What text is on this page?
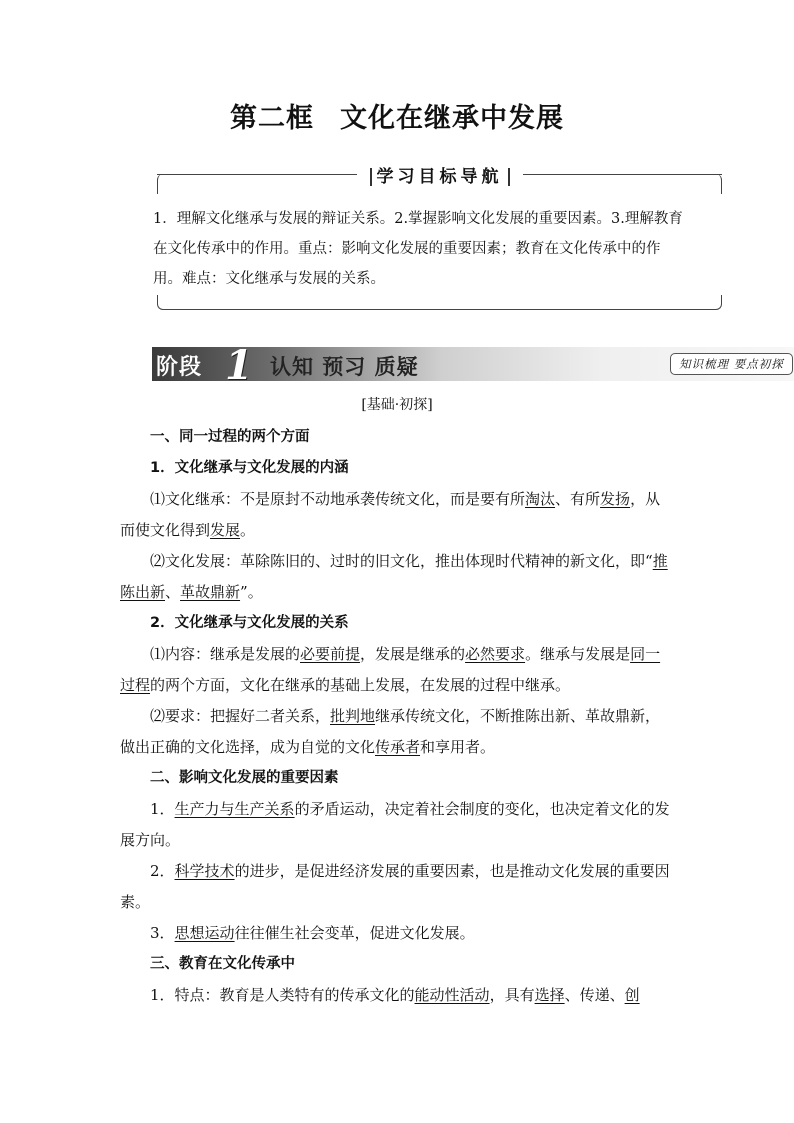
第二框 文化在继承中发展
学习目标导航
1．理解文化继承与发展的辩证关系。2.掌握影响文化发展的重要因素。3.理解教育在文化传承中的作用。重点：影响文化发展的重要因素；教育在文化传承中的作用。难点：文化继承与发展的关系。
阶段 1 认知 预习 质疑	知识梳理 要点初探
[基础·初探]

一、同一过程的两个方面

1．文化继承与文化发展的内涵

⑴文化继承：不是原封不动地承袭传统文化，而是要有所淘汰、有所发扬，从而使文化得到发展。

⑵文化发展：革除陈旧的、过时的旧文化，推出体现时代精神的新文化，即“推陈出新、革故鼎新”。

2．文化继承与文化发展的关系

⑴内容：继承是发展的必要前提，发展是继承的必然要求。继承与发展是同一过程的两个方面，文化在继承的基础上发展，在发展的过程中继承。

⑵要求：把握好二者关系，批判地继承传统文化，不断推陈出新、革故鼎新，做出正确的文化选择，成为自觉的文化传承者和享用者。

二、影响文化发展的重要因素

1．生产力与生产关系的矛盾运动，决定着社会制度的变化，也决定着文化的发展方向。

2．科学技术的进步，是促进经济发展的重要因素，也是推动文化发展的重要因素。

3．思想运动往往催生社会变革，促进文化发展。

三、教育在文化传承中

1．特点：教育是人类特有的传承文化的能动性活动，具有选择、传递、创
